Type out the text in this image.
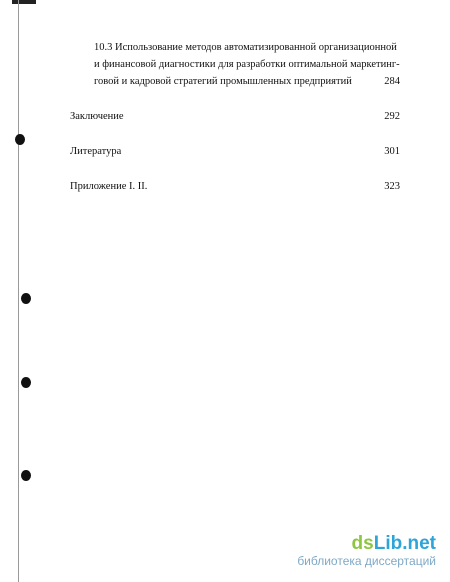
10.3 Использование методов автоматизированной организационной
и финансовой диагностики для разработки оптимальной маркетинг-
говой и кадровой стратегий промышленных предприятий	284
Заключение	292
Литература	301
Приложение I. II.	323
dsLib.net
библиотека диссертаций
